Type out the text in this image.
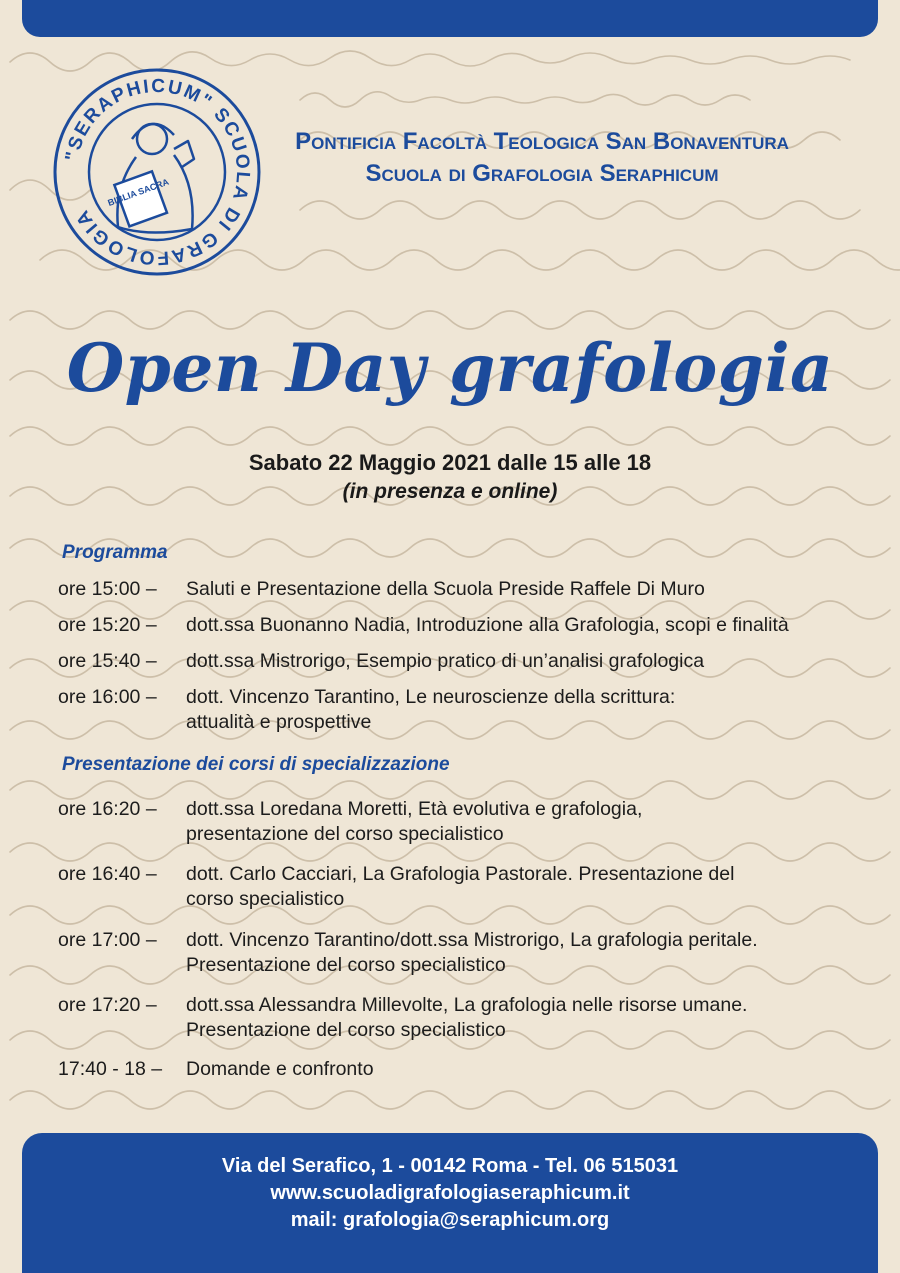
"SERAPHICUM" SCUOLA DI GRAFOLOGIA
BIBLIA SACRA
Pontificia Facoltà Teologica San Bonaventura
Scuola di Grafologia Seraphicum
Open Day grafologia
Sabato 22 Maggio 2021 dalle 15 alle 18
(in presenza e online)
Programma
ore 15:00 – Saluti e Presentazione della Scuola Preside Raffele Di Muro
ore 15:20 – dott.ssa Buonanno Nadia, Introduzione alla Grafologia, scopi e finalità
ore 15:40 – dott.ssa Mistrorigo, Esempio pratico di un’analisi grafologica
ore 16:00 – dott. Vincenzo Tarantino, Le neuroscienze della scrittura:
attualità e prospettive
Presentazione dei corsi di specializzazione
ore 16:20 – dott.ssa Loredana Moretti, Età evolutiva e grafologia,
presentazione del corso specialistico
ore 16:40 – dott. Carlo Cacciari, La Grafologia Pastorale. Presentazione del
corso specialistico
ore 17:00 – dott. Vincenzo Tarantino/dott.ssa Mistrorigo, La grafologia peritale.
Presentazione del corso specialistico
ore 17:20 – dott.ssa Alessandra Millevolte, La grafologia nelle risorse umane.
Presentazione del corso specialistico
17:40 - 18 – Domande e confronto
Via del Serafico, 1 - 00142 Roma - Tel. 06 515031
www.scuoladigrafologiaseraphicum.it
mail: grafologia@seraphicum.org
